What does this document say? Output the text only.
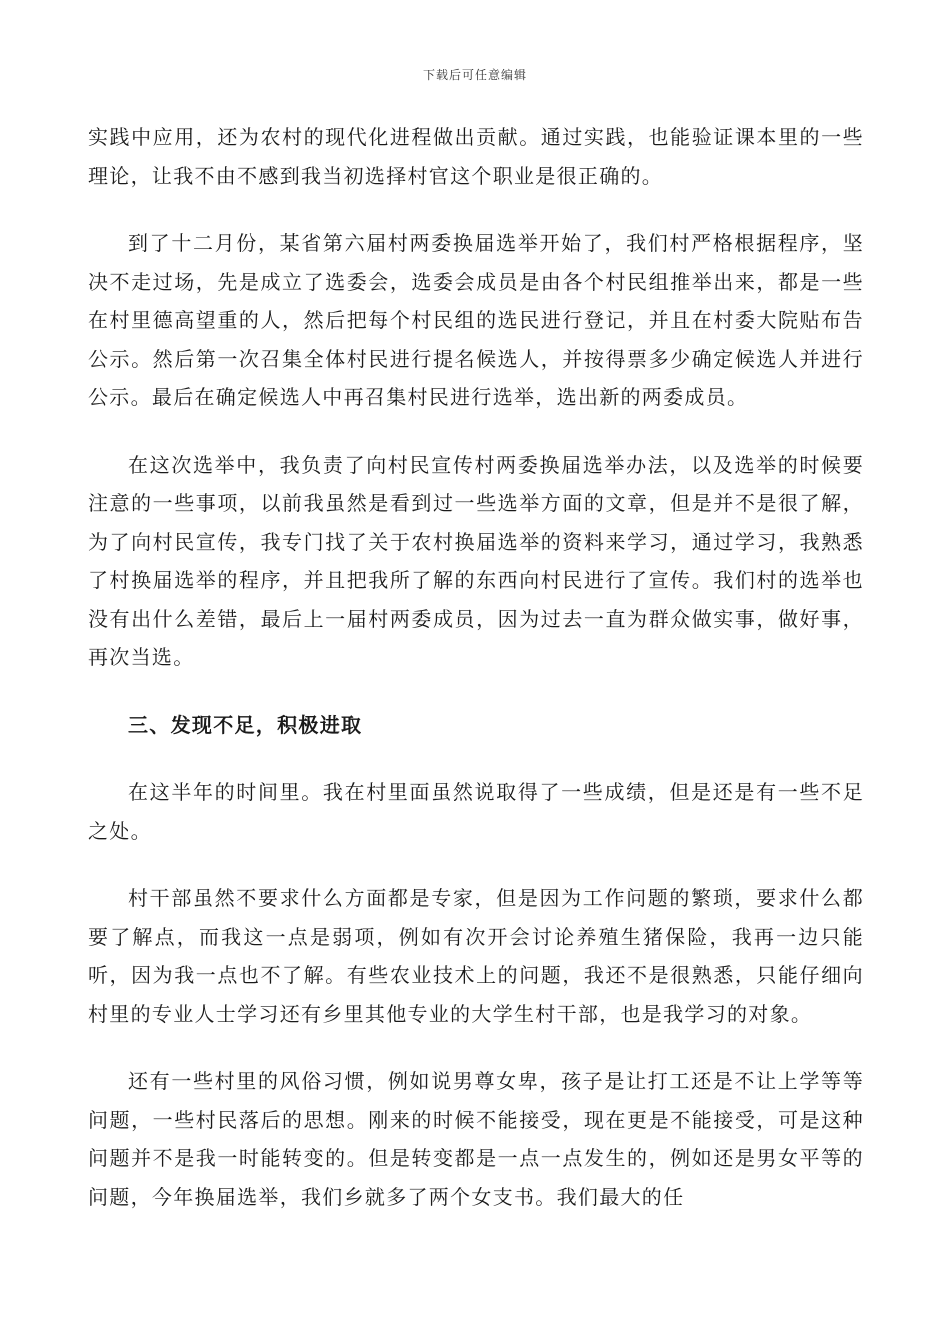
下载后可任意编辑

实践中应用，还为农村的现代化进程做出贡献。通过实践，也能验证课本里的一些理论，让我不由不感到我当初选择村官这个职业是很正确的。

到了十二月份，某省第六届村两委换届选举开始了，我们村严格根据程序，坚决不走过场，先是成立了选委会，选委会成员是由各个村民组推举出来，都是一些在村里德高望重的人，然后把每个村民组的选民进行登记，并且在村委大院贴布告公示。然后第一次召集全体村民进行提名候选人，并按得票多少确定候选人并进行公示。最后在确定候选人中再召集村民进行选举，选出新的两委成员。

在这次选举中，我负责了向村民宣传村两委换届选举办法，以及选举的时候要注意的一些事项，以前我虽然是看到过一些选举方面的文章，但是并不是很了解，为了向村民宣传，我专门找了关于农村换届选举的资料来学习，通过学习，我熟悉了村换届选举的程序，并且把我所了解的东西向村民进行了宣传。我们村的选举也没有出什么差错，最后上一届村两委成员，因为过去一直为群众做实事，做好事，再次当选。

三、发现不足，积极进取

在这半年的时间里。我在村里面虽然说取得了一些成绩，但是还是有一些不足之处。

村干部虽然不要求什么方面都是专家，但是因为工作问题的繁琐，要求什么都要了解点，而我这一点是弱项，例如有次开会讨论养殖生猪保险，我再一边只能听，因为我一点也不了解。有些农业技术上的问题，我还不是很熟悉，只能仔细向村里的专业人士学习还有乡里其他专业的大学生村干部，也是我学习的对象。

还有一些村里的风俗习惯，例如说男尊女卑，孩子是让打工还是不让上学等等问题，一些村民落后的思想。刚来的时候不能接受，现在更是不能接受，可是这种问题并不是我一时能转变的。但是转变都是一点一点发生的，例如还是男女平等的问题，今年换届选举，我们乡就多了两个女支书。我们最大的任
